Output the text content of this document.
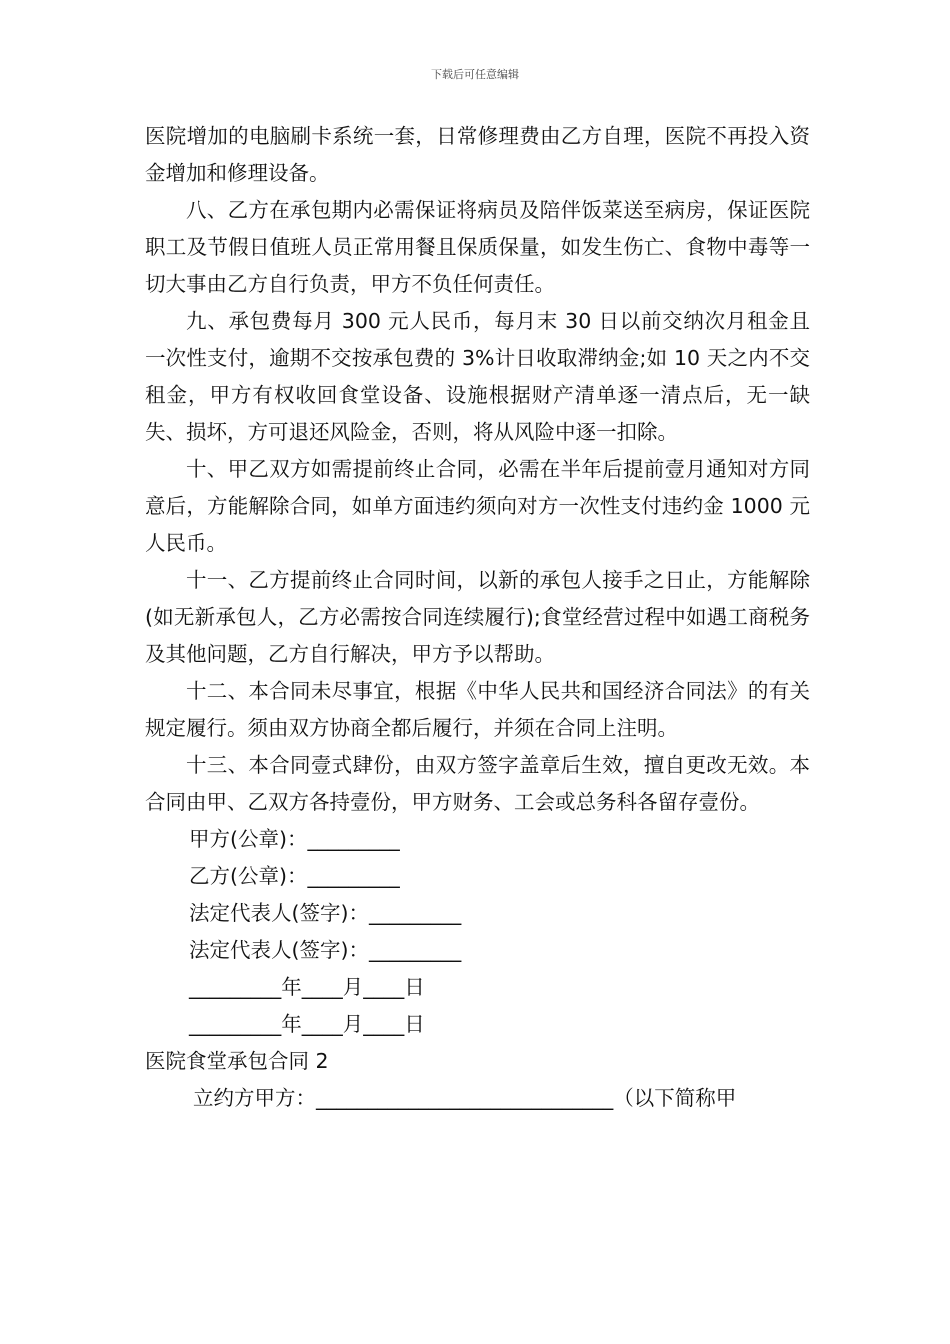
下载后可任意编辑

医院增加的电脑刷卡系统一套，日常修理费由乙方自理，医院不再投入资金增加和修理设备。

八、乙方在承包期内必需保证将病员及陪伴饭菜送至病房，保证医院职工及节假日值班人员正常用餐且保质保量，如发生伤亡、食物中毒等一切大事由乙方自行负责，甲方不负任何责任。

九、承包费每月 300 元人民币，每月末 30 日以前交纳次月租金且一次性支付，逾期不交按承包费的 3%计日收取滞纳金;如 10 天之内不交租金，甲方有权收回食堂设备、设施根据财产清单逐一清点后，无一缺失、损坏，方可退还风险金，否则，将从风险中逐一扣除。

十、甲乙双方如需提前终止合同，必需在半年后提前壹月通知对方同意后，方能解除合同，如单方面违约须向对方一次性支付违约金 1000 元人民币。

十一、乙方提前终止合同时间，以新的承包人接手之日止，方能解除(如无新承包人，乙方必需按合同连续履行);食堂经营过程中如遇工商税务及其他问题，乙方自行解决，甲方予以帮助。

十二、本合同未尽事宜，根据《中华人民共和国经济合同法》的有关规定履行。须由双方协商全都后履行，并须在合同上注明。

十三、本合同壹式肆份，由双方签字盖章后生效，擅自更改无效。本合同由甲、乙双方各持壹份，甲方财务、工会或总务科各留存壹份。

甲方(公章)：_________

乙方(公章)：_________

法定代表人(签字)：_________

法定代表人(签字)：_________

_________年____月____日

_________年____月____日

医院食堂承包合同 2

立约方甲方：_____________________________（以下简称甲
